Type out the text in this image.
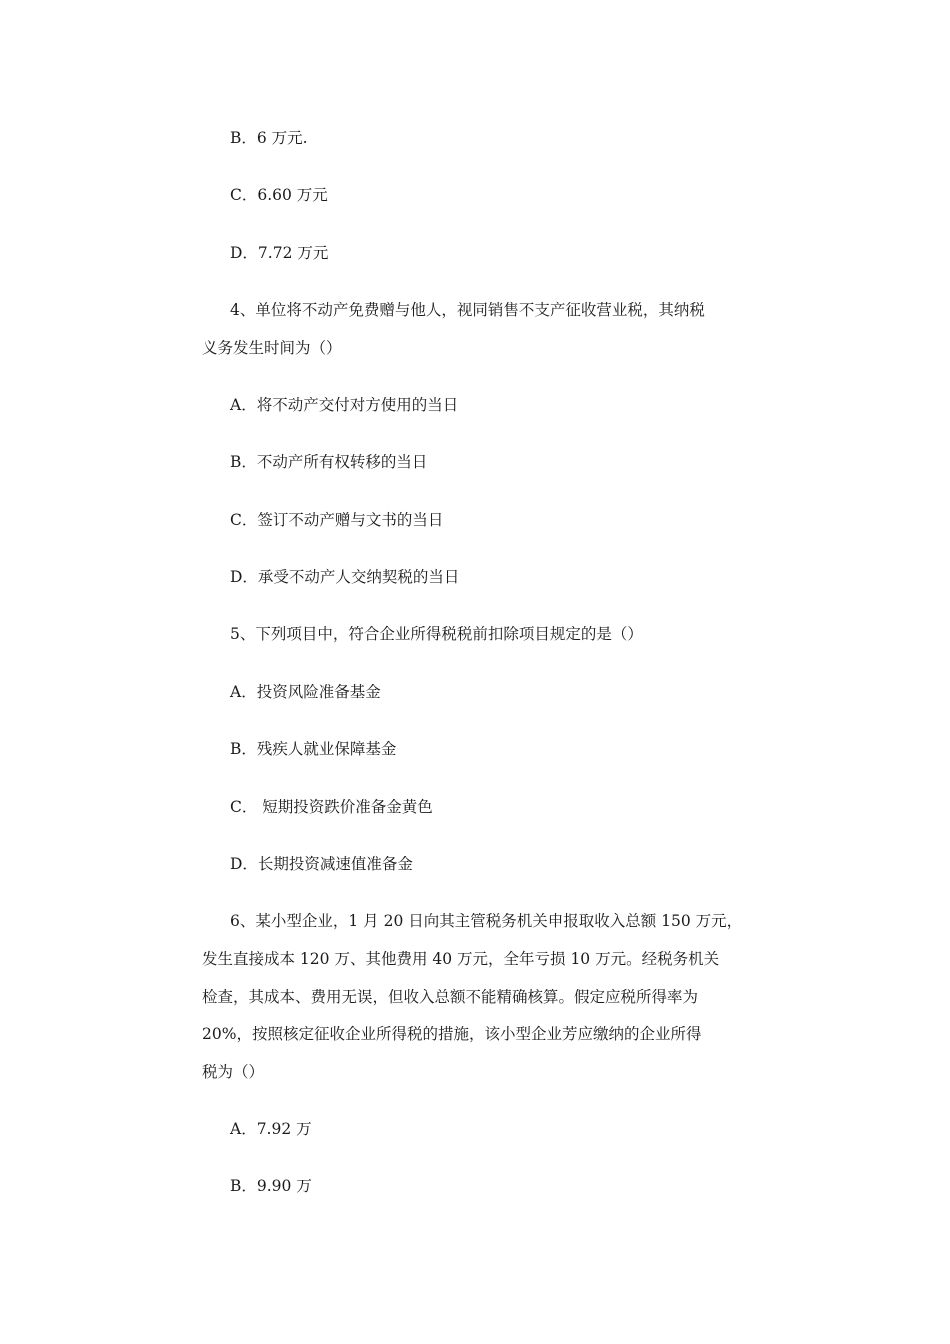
B．6 万元.
C．6.60 万元
D．7.72 万元
4、单位将不动产免费赠与他人，视同销售不支产征收营业税，其纳税
义务发生时间为（）
A．将不动产交付对方使用的当日
B．不动产所有权转移的当日
C．签订不动产赠与文书的当日
D．承受不动产人交纳契税的当日
5、下列项目中，符合企业所得税税前扣除项目规定的是（）
A．投资风险准备基金
B．残疾人就业保障基金
C． 短期投资跌价准备金黄色
D．长期投资减速值准备金
6、某小型企业，1 月 20 日向其主管税务机关申报取收入总额 150 万元，
发生直接成本 120 万、其他费用 40 万元，全年亏损 10 万元。经税务机关
检查，其成本、费用无误，但收入总额不能精确核算。假定应税所得率为
20%，按照核定征收企业所得税的措施，该小型企业芳应缴纳的企业所得
税为（）
A．7.92 万
B．9.90 万
